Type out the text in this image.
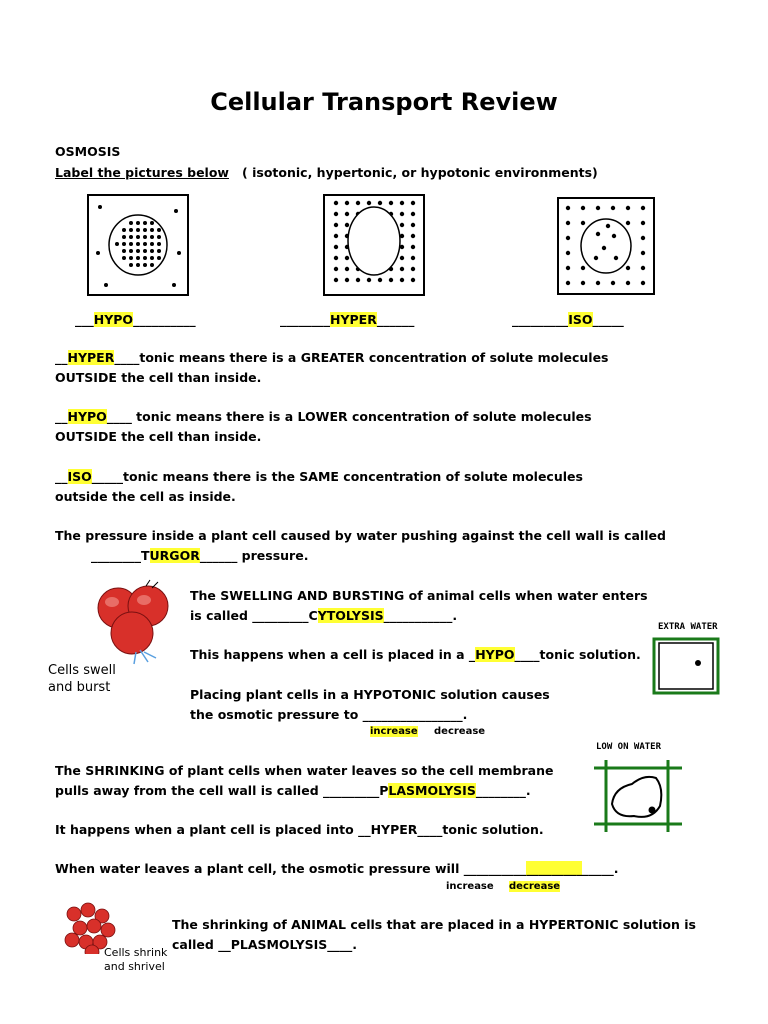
Cellular Transport Review
OSMOSIS
Label the pictures below ( isotonic, hypertonic, or hypotonic environments)
___HYPO__________	________HYPER______	_________ISO_____
__HYPER____tonic means there is a GREATER concentration of solute molecules
OUTSIDE the cell than inside.
__HYPO____ tonic means there is a LOWER concentration of solute molecules
OUTSIDE the cell than inside.
__ISO_____tonic means there is the SAME concentration of solute molecules
outside the cell as inside.
The pressure inside a plant cell caused by water pushing against the cell wall is called
________TURGOR______ pressure.
Cells swell
and burst
The SWELLING AND BURSTING of animal cells when water enters
is called _________CYTOLYSIS___________.
This happens when a cell is placed in a _HYPO____tonic solution.
Placing plant cells in a HYPOTONIC solution causes
the osmotic pressure to ________________.
increase decrease
EXTRA WATER
LOW ON WATER
The SHRINKING of plant cells when water leaves so the cell membrane
pulls away from the cell wall is called _________PLASMOLYSIS________.
It happens when a plant cell is placed into __HYPER____tonic solution.
When water leaves a plant cell, the osmotic pressure will ________________________.
increase decrease
Cells shrink
and shrivel
The shrinking of ANIMAL cells that are placed in a HYPERTONIC solution is
called __PLASMOLYSIS____.
